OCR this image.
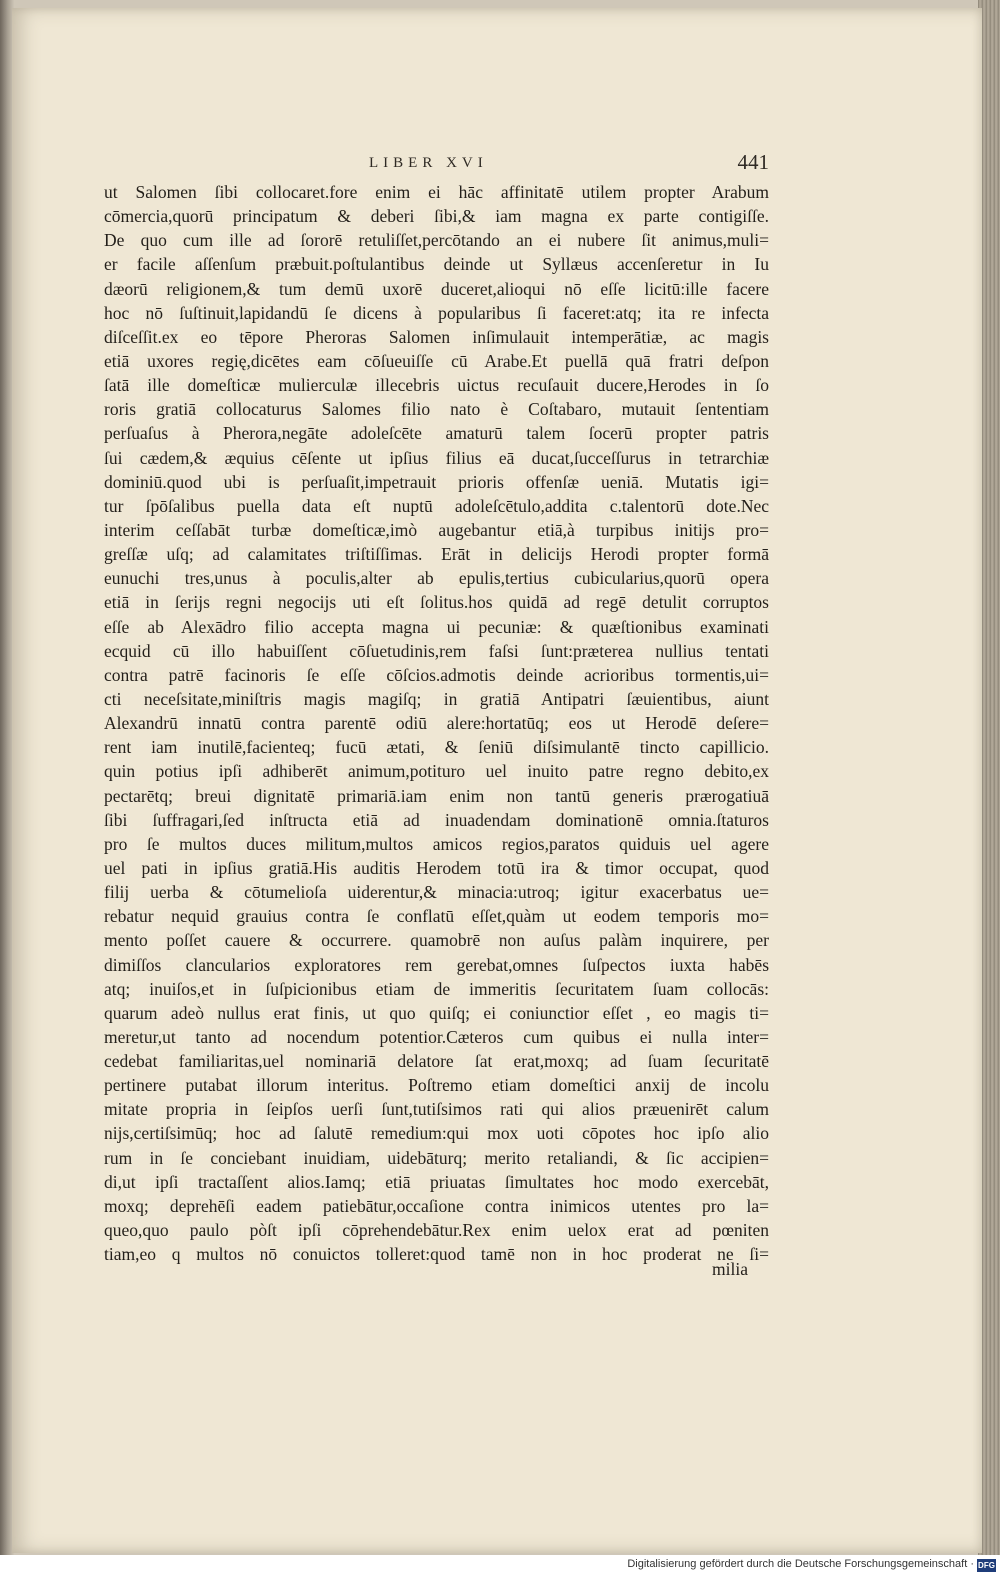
LIBER XVI	441
ut Salomen ſibi collocaret.fore enim ei hāc affinitatē utilem propter Arabum
cōmercia,quorū principatum & deberi ſibi,& iam magna ex parte contigiſſe.
De quo cum ille ad ſororē retuliſſet,percōtando an ei nubere ſit animus,muli=
er facile aſſenſum præbuit.poſtulantibus deinde ut Syllæus accenſeretur in Iu
dæorū religionem,& tum demū uxorē duceret,alioqui nō eſſe licitū:ille facere
hoc nō ſuſtinuit,lapidandū ſe dicens à popularibus ſi faceret:atq; ita re infecta
diſceſſit.ex eo tēpore Pheroras Salomen inſimulauit intemperātiæ, ac magis
etiā uxores regię,dicētes eam cōſueuiſſe cū Arabe.Et puellā quā fratri deſpon
ſatā ille domeſticæ mulierculæ illecebris uictus recuſauit ducere,Herodes in ſo
roris gratiā collocaturus Salomes filio nato è Coſtabaro, mutauit ſententiam
perſuaſus à Pherora,negāte adoleſcēte amaturū talem ſocerū propter patris
ſui cædem,& æquius cēſente ut ipſius filius eā ducat,ſucceſſurus in tetrarchiæ
dominiū.quod ubi is perſuaſit,impetrauit prioris offenſæ ueniā. Mutatis igi=
tur ſpōſalibus puella data eſt nuptū adoleſcētulo,addita c.talentorū dote.Nec
interim ceſſabāt turbæ domeſticæ,imò augebantur etiā,à turpibus initijs pro=
greſſæ uſq; ad calamitates triſtiſſimas. Erāt in delicijs Herodi propter formā
eunuchi tres,unus à poculis,alter ab epulis,tertius cubicularius,quorū opera
etiā in ſerijs regni negocijs uti eſt ſolitus.hos quidā ad regē detulit corruptos
eſſe ab Alexādro filio accepta magna ui pecuniæ: & quæſtionibus examinati
ecquid cū illo habuiſſent cōſuetudinis,rem faſsi ſunt:præterea nullius tentati
contra patrē facinoris ſe eſſe cōſcios.admotis deinde acrioribus tormentis,ui=
cti neceſsitate,miniſtris magis magiſq; in gratiā Antipatri ſæuientibus, aiunt
Alexandrū innatū contra parentē odiū alere:hortatūq; eos ut Herodē deſere=
rent iam inutilē,facienteq; fucū ætati, & ſeniū diſsimulantē tincto capillicio.
quin potius ipſi adhiberēt animum,potituro uel inuito patre regno debito,ex
pectarētq; breui dignitatē primariā.iam enim non tantū generis prærogatiuā
ſibi ſuffragari,ſed inſtructa etiā ad inuadendam dominationē omnia.ſtaturos
pro ſe multos duces militum,multos amicos regios,paratos quiduis uel agere
uel pati in ipſius gratiā.His auditis Herodem totū ira & timor occupat, quod
filij uerba & cōtumelioſa uiderentur,& minacia:utroq; igitur exacerbatus ue=
rebatur nequid grauius contra ſe conflatū eſſet,quàm ut eodem temporis mo=
mento poſſet cauere & occurrere. quamobrē non auſus palàm inquirere, per
dimiſſos clancularios exploratores rem gerebat,omnes ſuſpectos iuxta habēs
atq; inuiſos,et in ſuſpicionibus etiam de immeritis ſecuritatem ſuam collocās:
quarum adeò nullus erat finis, ut quo quiſq; ei coniunctior eſſet , eo magis ti=
meretur,ut tanto ad nocendum potentior.Cæteros cum quibus ei nulla inter=
cedebat familiaritas,uel nominariā delatore ſat erat,moxq; ad ſuam ſecuritatē
pertinere putabat illorum interitus. Poſtremo etiam domeſtici anxij de incolu
mitate propria in ſeipſos uerſi ſunt,tutiſsimos rati qui alios præuenirēt calum
nijs,certiſsimūq; hoc ad ſalutē remedium:qui mox uoti cōpotes hoc ipſo alio
rum in ſe conciebant inuidiam, uidebāturq; merito retaliandi, & ſic accipien=
di,ut ipſi tractaſſent alios.Iamq; etiā priuatas ſimultates hoc modo exercebāt,
moxq; deprehēſi eadem patiebātur,occaſione contra inimicos utentes pro la=
queo,quo paulo pòſt ipſi cōprehendebātur.Rex enim uelox erat ad pœniten
tiam,eo q multos nō conuictos tolleret:quod tamē non in hoc proderat ne ſi=
milia
Digitalisierung gefördert durch die Deutsche Forschungsgemeinschaft · DFG
